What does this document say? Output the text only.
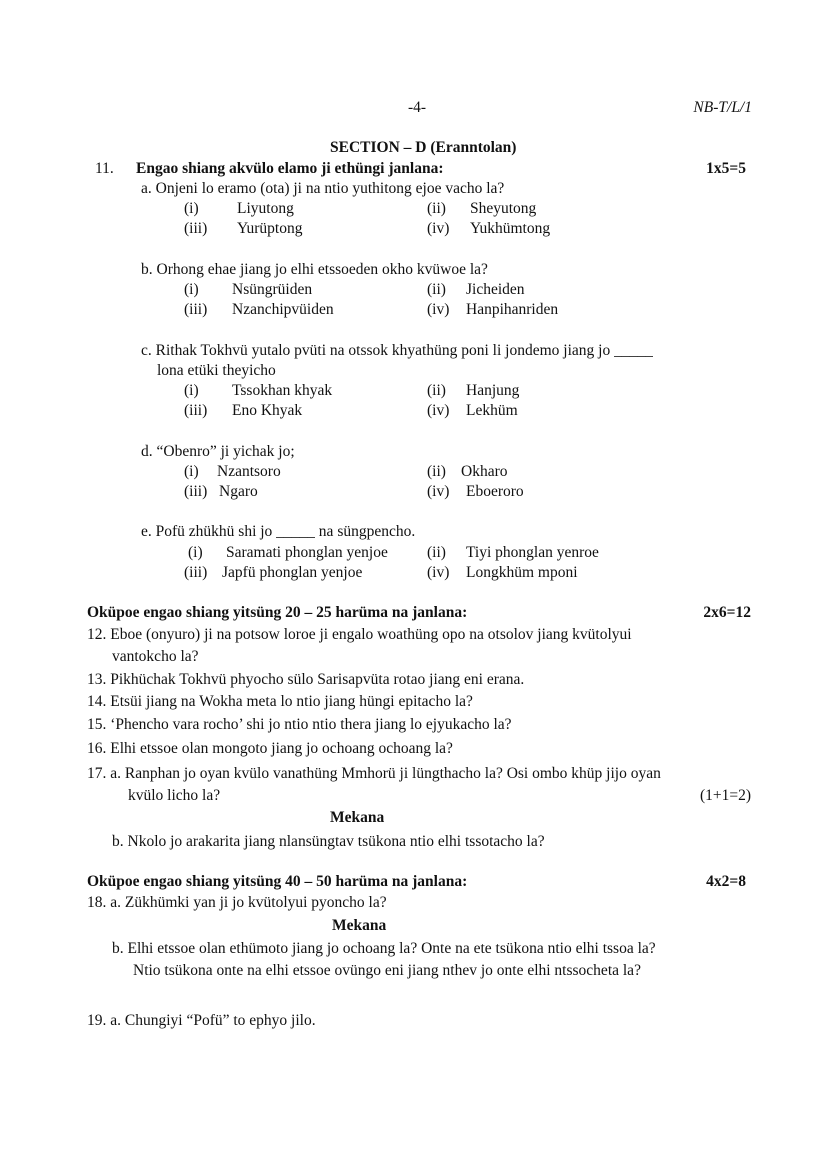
-4-	NB-T/L/1
SECTION – D (Eranntolan)
11. Engao shiang akvülo elamo ji ethüngi janlana:	1x5=5
a. Onjeni lo eramo (ota) ji na ntio yuthitong ejoe vacho la?
(i) Liyutong	(ii) Sheyutong
(iii) Yurüptong	(iv) Yukhümtong
b. Orhong ehae jiang jo elhi etssoeden okho kvüwoe la?
(i) Nsüngrüiden	(ii) Jicheiden
(iii) Nzanchipvüiden	(iv) Hanpihanriden
c. Rithak Tokhvü yutalo pvüti na otssok khyathüng poni li jondemo jiang jo _____
lona etüki theyicho
(i) Tssokhan khyak	(ii) Hanjung
(iii) Eno Khyak	(iv) Lekhüm
d. “Obenro” ji yichak jo;
(i) Nzantsoro	(ii) Okharo
(iii) Ngaro	(iv) Eboeroro
e. Pofü zhükhü shi jo _____ na süngpencho.
(i) Saramati phonglan yenjoe	(ii) Tiyi phonglan yenroe
(iii) Japfü phonglan yenjoe	(iv) Longkhüm mponi
Oküpoe engao shiang yitsüng 20 – 25 harüma na janlana:	2x6=12
12. Eboe (onyuro) ji na potsow loroe ji engalo woathüng opo na otsolov jiang kvütolyui
vantokcho la?
13. Pikhüchak Tokhvü phyocho sülo Sarisapvüta rotao jiang eni erana.
14. Etsüi jiang na Wokha meta lo ntio jiang hüngi epitacho la?
15. ‘Phencho vara rocho’ shi jo ntio ntio thera jiang lo ejyukacho la?
16. Elhi etssoe olan mongoto jiang jo ochoang ochoang la?
17. a. Ranphan jo oyan kvülo vanathüng Mmhorü ji lüngthacho la? Osi ombo khüp jijo oyan
kvülo licho la?	(1+1=2)
Mekana
b. Nkolo jo arakarita jiang nlansüngtav tsükona ntio elhi tssotacho la?
Oküpoe engao shiang yitsüng 40 – 50 harüma na janlana:	4x2=8
18. a. Zükhümki yan ji jo kvütolyui pyoncho la?
Mekana
b. Elhi etssoe olan ethümoto jiang jo ochoang la? Onte na ete tsükona ntio elhi tssoa la?
Ntio tsükona onte na elhi etssoe ovüngo eni jiang nthev jo onte elhi ntssocheta la?
19. a. Chungiyi “Pofü” to ephyo jilo.
